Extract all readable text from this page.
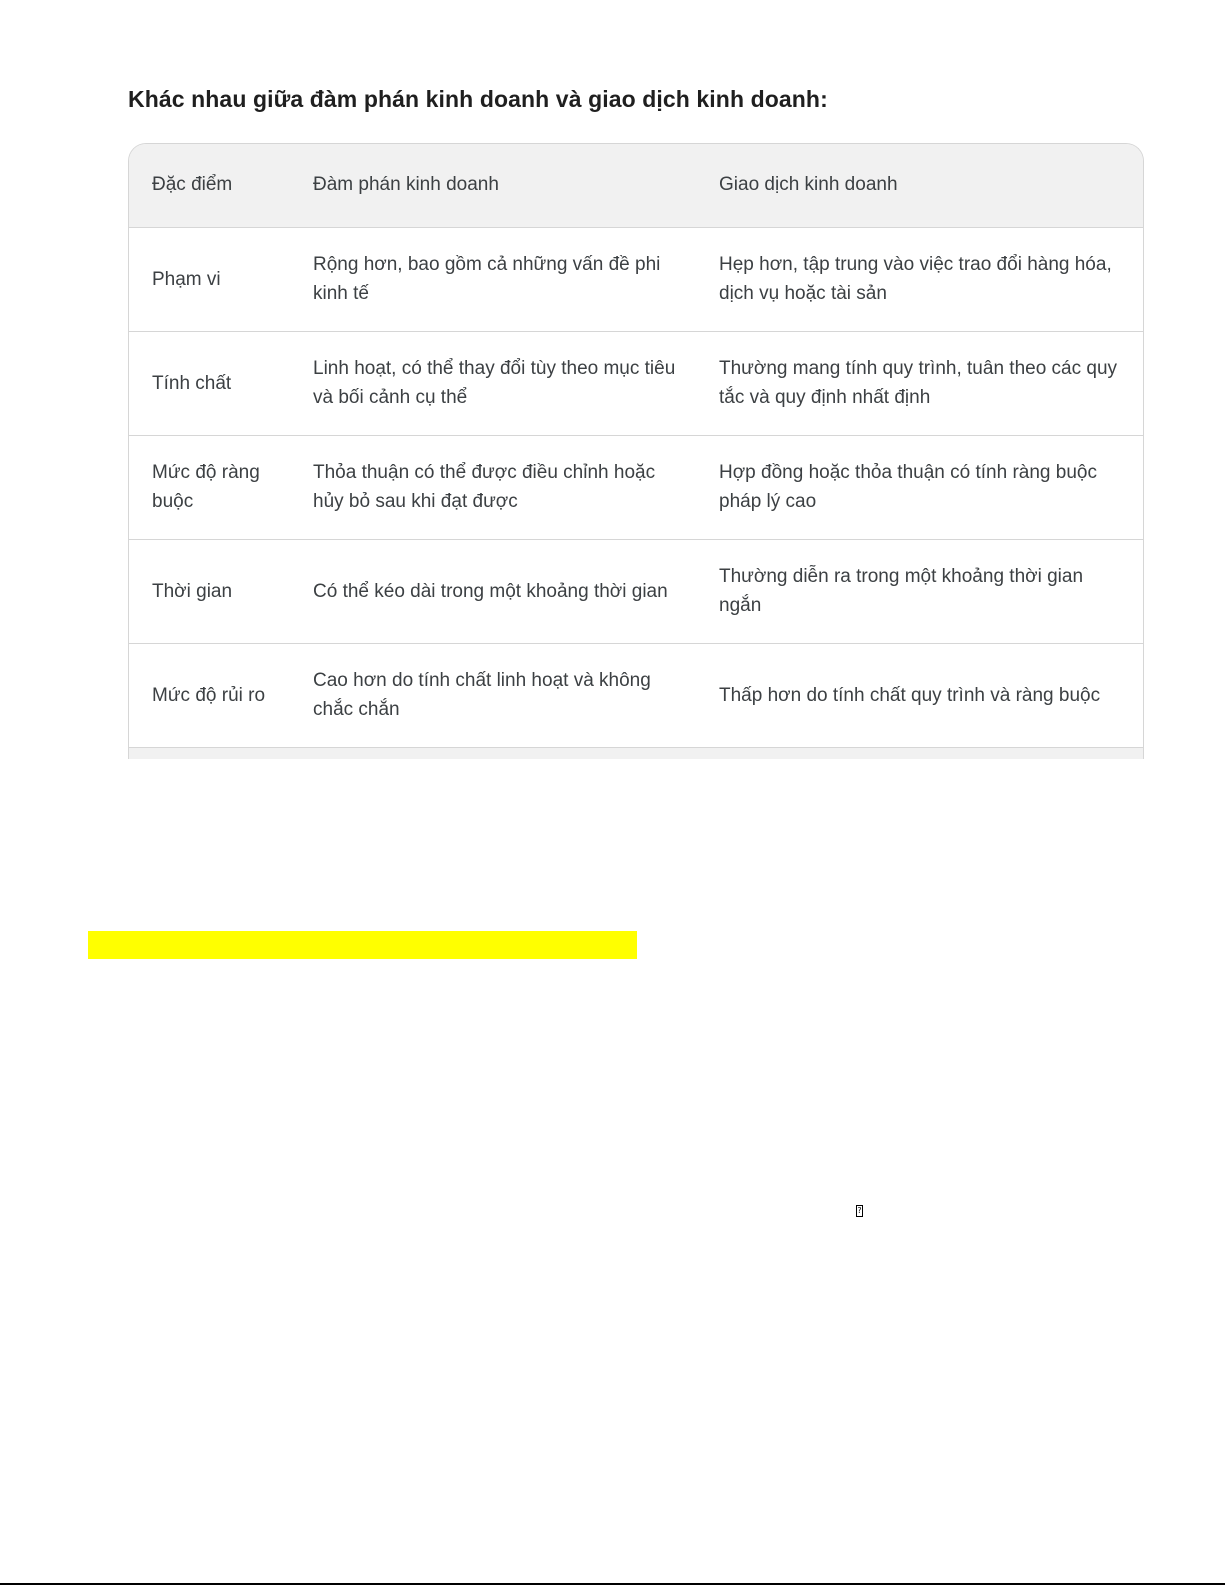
Khác nhau giữa đàm phán kinh doanh và giao dịch kinh doanh:
Đặc điểm	Đàm phán kinh doanh	Giao dịch kinh doanh
Phạm vi	Rộng hơn, bao gồm cả những vấn đề phi kinh tế	Hẹp hơn, tập trung vào việc trao đổi hàng hóa, dịch vụ hoặc tài sản
Tính chất	Linh hoạt, có thể thay đổi tùy theo mục tiêu và bối cảnh cụ thể	Thường mang tính quy trình, tuân theo các quy tắc và quy định nhất định
Mức độ ràng buộc	Thỏa thuận có thể được điều chỉnh hoặc hủy bỏ sau khi đạt được	Hợp đồng hoặc thỏa thuận có tính ràng buộc pháp lý cao
Thời gian	Có thể kéo dài trong một khoảng thời gian	Thường diễn ra trong một khoảng thời gian ngắn
Mức độ rủi ro	Cao hơn do tính chất linh hoạt và không chắc chắn	Thấp hơn do tính chất quy trình và ràng buộc

?
